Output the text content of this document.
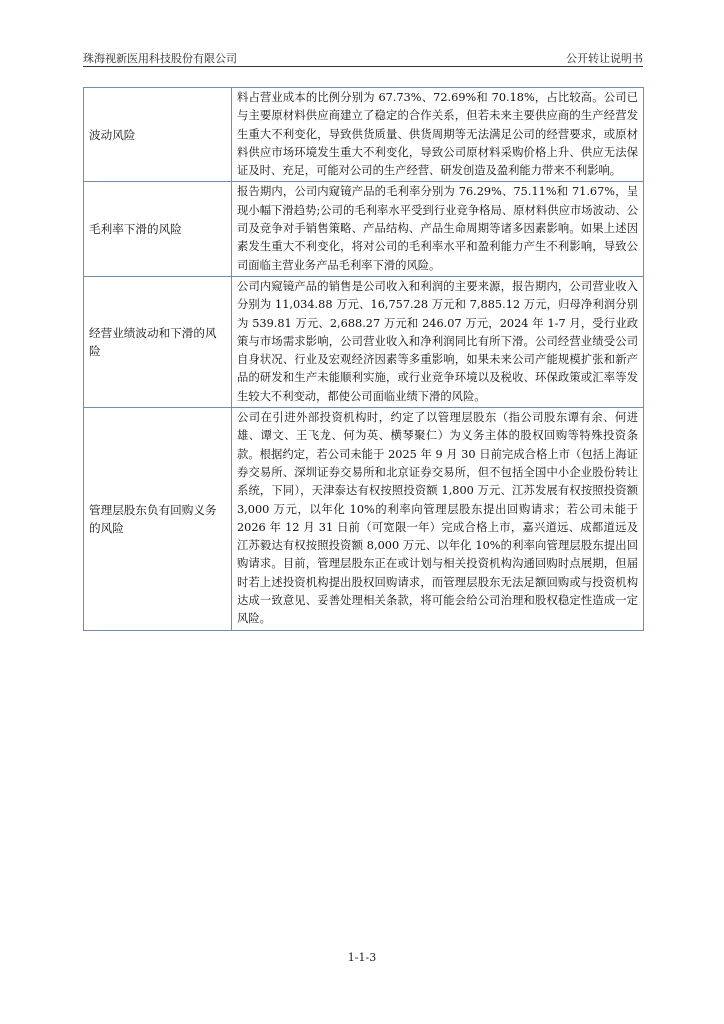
珠海视新医用科技股份有限公司	公开转让说明书
波动风险	料占营业成本的比例分别为 67.73%、72.69%和 70.18%，占比较高。公司已与主要原材料供应商建立了稳定的合作关系，但若未来主要供应商的生产经营发生重大不利变化，导致供货质量、供货周期等无法满足公司的经营要求，或原材料供应市场环境发生重大不利变化，导致公司原材料采购价格上升、供应无法保证及时、充足，可能对公司的生产经营、研发创造及盈利能力带来不利影响。
毛利率下滑的风险	报告期内，公司内窥镜产品的毛利率分别为 76.29%、75.11%和 71.67%，呈现小幅下滑趋势;公司的毛利率水平受到行业竞争格局、原材料供应市场波动、公司及竞争对手销售策略、产品结构、产品生命周期等诸多因素影响。如果上述因素发生重大不利变化，将对公司的毛利率水平和盈利能力产生不利影响，导致公司面临主营业务产品毛利率下滑的风险。
经营业绩波动和下滑的风险	公司内窥镜产品的销售是公司收入和利润的主要来源，报告期内，公司营业收入分别为 11,034.88 万元、16,757.28 万元和 7,885.12 万元，归母净利润分别为 539.81 万元、2,688.27 万元和 246.07 万元，2024 年 1-7 月，受行业政策与市场需求影响，公司营业收入和净利润同比有所下滑。公司经营业绩受公司自身状况、行业及宏观经济因素等多重影响，如果未来公司产能规模扩张和新产品的研发和生产未能顺利实施，或行业竞争环境以及税收、环保政策或汇率等发生较大不利变动，都使公司面临业绩下滑的风险。
管理层股东负有回购义务的风险	公司在引进外部投资机构时，约定了以管理层股东（指公司股东谭有余、何进雄、谭文、王飞龙、何为英、横琴聚仁）为义务主体的股权回购等特殊投资条款。根据约定，若公司未能于 2025 年 9 月 30 日前完成合格上市（包括上海证券交易所、深圳证券交易所和北京证券交易所，但不包括全国中小企业股份转让系统，下同），天津泰达有权按照投资额 1,800 万元、江苏发展有权按照投资额 3,000 万元，以年化 10%的利率向管理层股东提出回购请求；若公司未能于 2026 年 12 月 31 日前（可宽限一年）完成合格上市，嘉兴道远、成都道远及江苏毅达有权按照投资额 8,000 万元、以年化 10%的利率向管理层股东提出回购请求。目前，管理层股东正在或计划与相关投资机构沟通回购时点展期，但届时若上述投资机构提出股权回购请求，而管理层股东无法足额回购或与投资机构达成一致意见、妥善处理相关条款，将可能会给公司治理和股权稳定性造成一定风险。
1-1-3
